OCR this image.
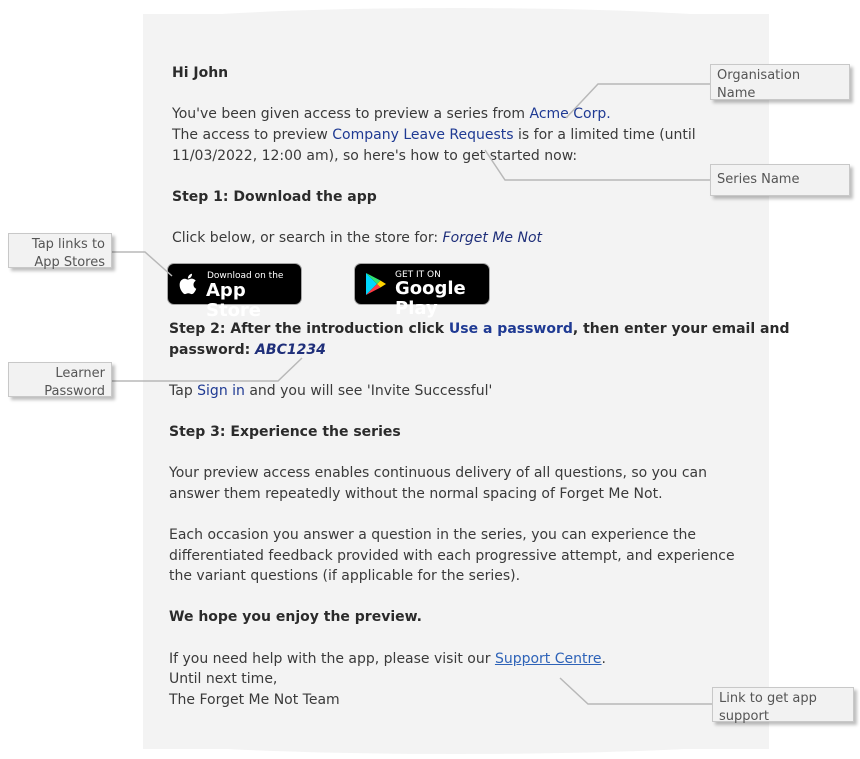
Hi John
You've been given access to preview a series from Acme Corp.
The access to preview Company Leave Requests is for a limited time (until
11/03/2022, 12:00 am), so here's how to get started now:
Step 1: Download the app
Click below, or search in the store for: Forget Me Not
Download on the
App Store
GET IT ON
Google Play
Step 2: After the introduction click Use a password, then enter your email and
password: ABC1234
Tap Sign in and you will see 'Invite Successful'
Step 3: Experience the series
Your preview access enables continuous delivery of all questions, so you can
answer them repeatedly without the normal spacing of Forget Me Not.
Each occasion you answer a question in the series, you can experience the
differentiated feedback provided with each progressive attempt, and experience
the variant questions (if applicable for the series).
We hope you enjoy the preview.
If you need help with the app, please visit our Support Centre.
Until next time,
The Forget Me Not Team
Organisation
Name
Series Name
Tap links to
App Stores
Learner
Password
Link to get app
support
